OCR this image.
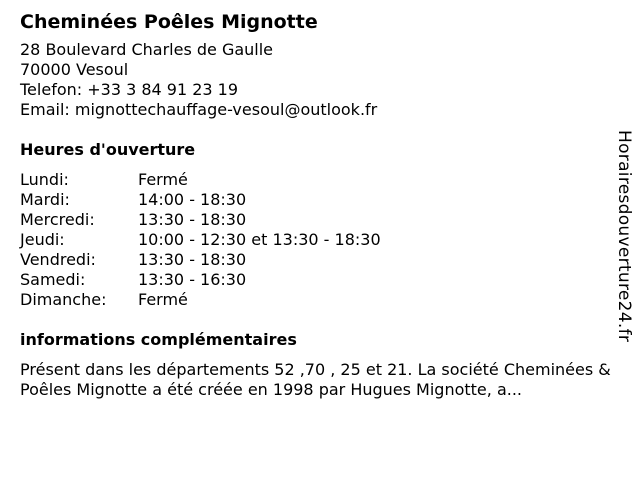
Cheminées Poêles Mignotte
28 Boulevard Charles de Gaulle
70000 Vesoul
Telefon: +33 3 84 91 23 19
Email: mignottechauffage-vesoul@outlook.fr
Heures d'ouverture
Lundi:	Fermé
Mardi:	14:00 - 18:30
Mercredi:	13:30 - 18:30
Jeudi:	10:00 - 12:30 et 13:30 - 18:30
Vendredi:	13:30 - 18:30
Samedi:	13:30 - 16:30
Dimanche:	Fermé
informations complémentaires
Présent dans les départements 52 ,70 , 25 et 21. La société Cheminées & Poêles Mignotte a été créée en 1998 par Hugues Mignotte, a...
Horairesdouverture24.fr
